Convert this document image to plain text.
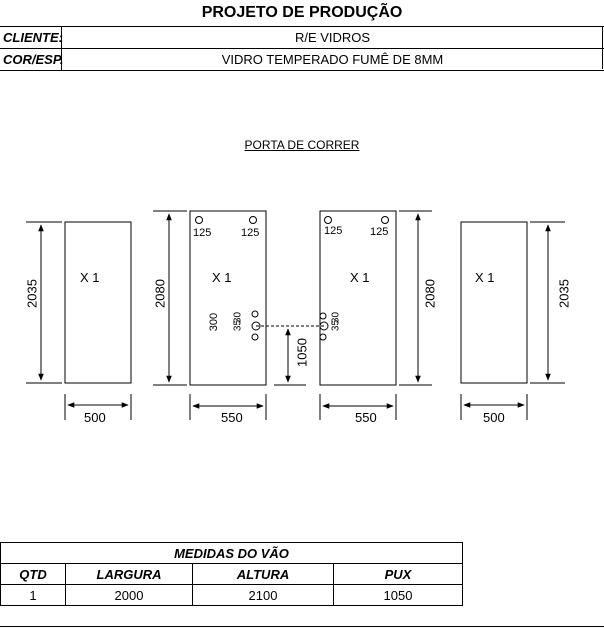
PROJETO DE PRODUÇÃO
CLIENTE:	R/E VIDROS
COR/ESP.	VIDRO TEMPERADO FUMÊ DE 8MM
PORTA DE CORRER
2035
X 1
500
2080
X 1
550
125	125
300 35
30
1050
2080
X 1
550
125	125
35
30
2035
X 1
500
MEDIDAS DO VÃO			
QTD	LARGURA	ALTURA	PUX
1	2000	2100	1050
